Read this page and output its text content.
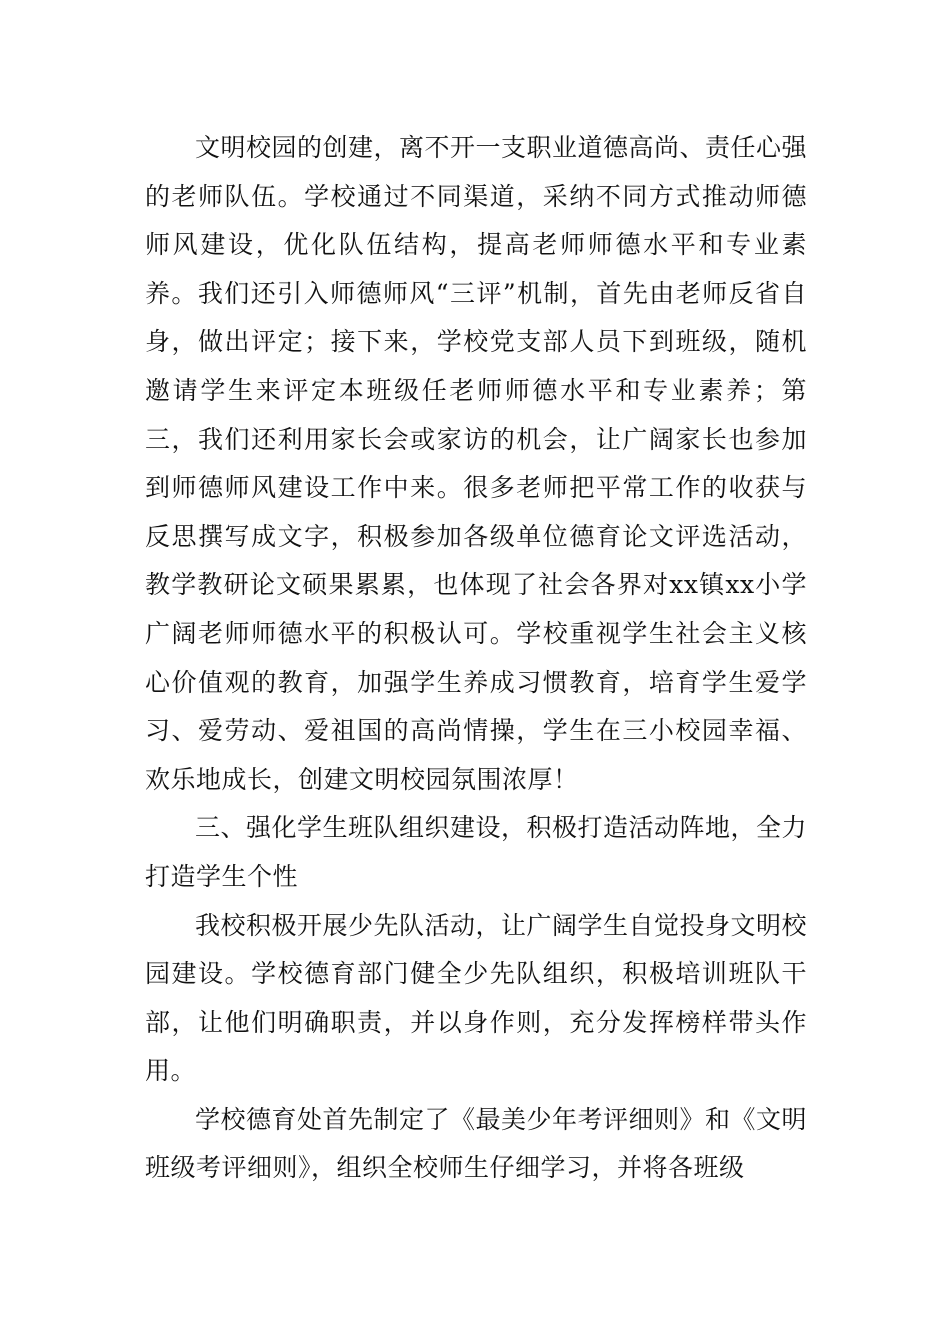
文明校园的创建，离不开一支职业道德高尚、责任心强的老师队伍。学校通过不同渠道，采纳不同方式推动师德师风建设，优化队伍结构，提高老师师德水平和专业素养。我们还引入师德师风“三评”机制，首先由老师反省自身，做出评定；接下来，学校党支部人员下到班级，随机邀请学生来评定本班级任老师师德水平和专业素养；第三，我们还利用家长会或家访的机会，让广阔家长也参加到师德师风建设工作中来。很多老师把平常工作的收获与反思撰写成文字，积极参加各级单位德育论文评选活动，教学教研论文硕果累累，也体现了社会各界对xx镇xx小学广阔老师师德水平的积极认可。学校重视学生社会主义核心价值观的教育，加强学生养成习惯教育，培育学生爱学习、爱劳动、爱祖国的高尚情操，学生在三小校园幸福、欢乐地成长，创建文明校园氛围浓厚！

三、强化学生班队组织建设，积极打造活动阵地，全力打造学生个性

我校积极开展少先队活动，让广阔学生自觉投身文明校园建设。学校德育部门健全少先队组织，积极培训班队干部，让他们明确职责，并以身作则，充分发挥榜样带头作用。

学校德育处首先制定了《最美少年考评细则》和《文明班级考评细则》，组织全校师生仔细学习，并将各班级
